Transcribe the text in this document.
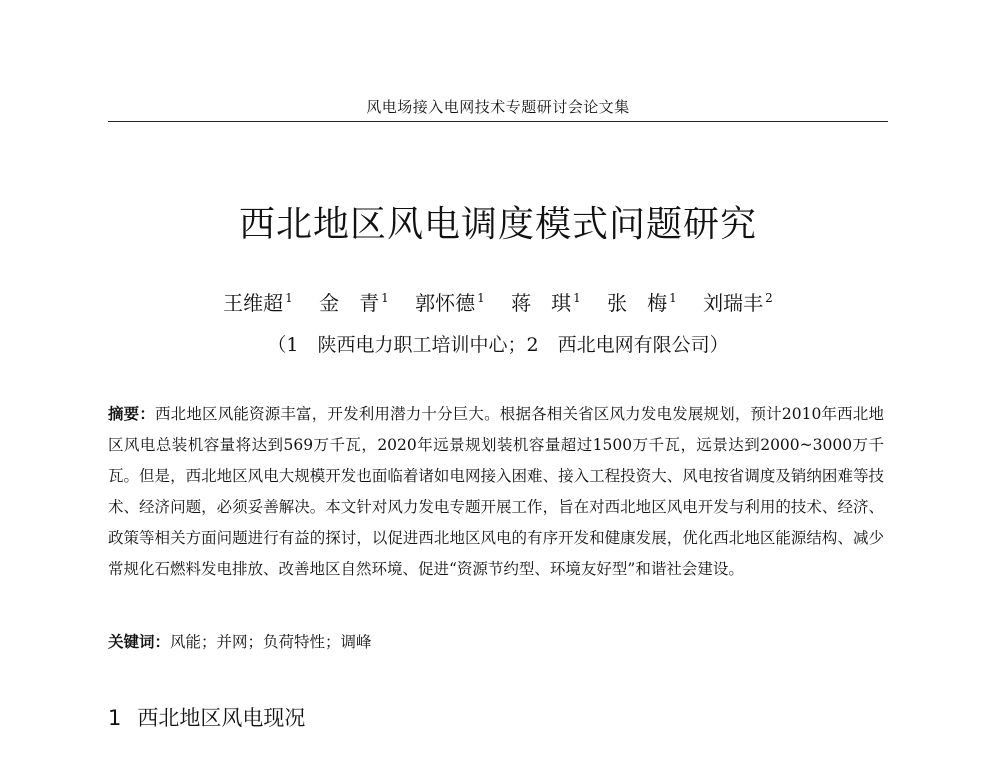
风电场接入电网技术专题研讨会论文集
西北地区风电调度模式问题研究
王维超 $^1$ 金　青 $^1$ 郭怀德 $^1$ 蒋　琪 $^1$ 张　梅 $^1$ 刘瑞丰 $^2$
（1　陕西电力职工培训中心；2　西北电网有限公司）
摘要：西北地区风能资源丰富，开发利用潜力十分巨大。根据各相关省区风力发电发展规划，预计2010年西北地区风电总装机容量将达到569万千瓦，2020年远景规划装机容量超过1500万千瓦，远景达到2000~3000万千瓦。但是，西北地区风电大规模开发也面临着诸如电网接入困难、接入工程投资大、风电按省调度及销纳困难等技术、经济问题，必须妥善解决。本文针对风力发电专题开展工作，旨在对西北地区风电开发与利用的技术、经济、政策等相关方面问题进行有益的探讨，以促进西北地区风电的有序开发和健康发展，优化西北地区能源结构、减少常规化石燃料发电排放、改善地区自然环境、促进“资源节约型、环境友好型”和谐社会建设。
关键词：风能；并网；负荷特性；调峰
1 西北地区风电现况
